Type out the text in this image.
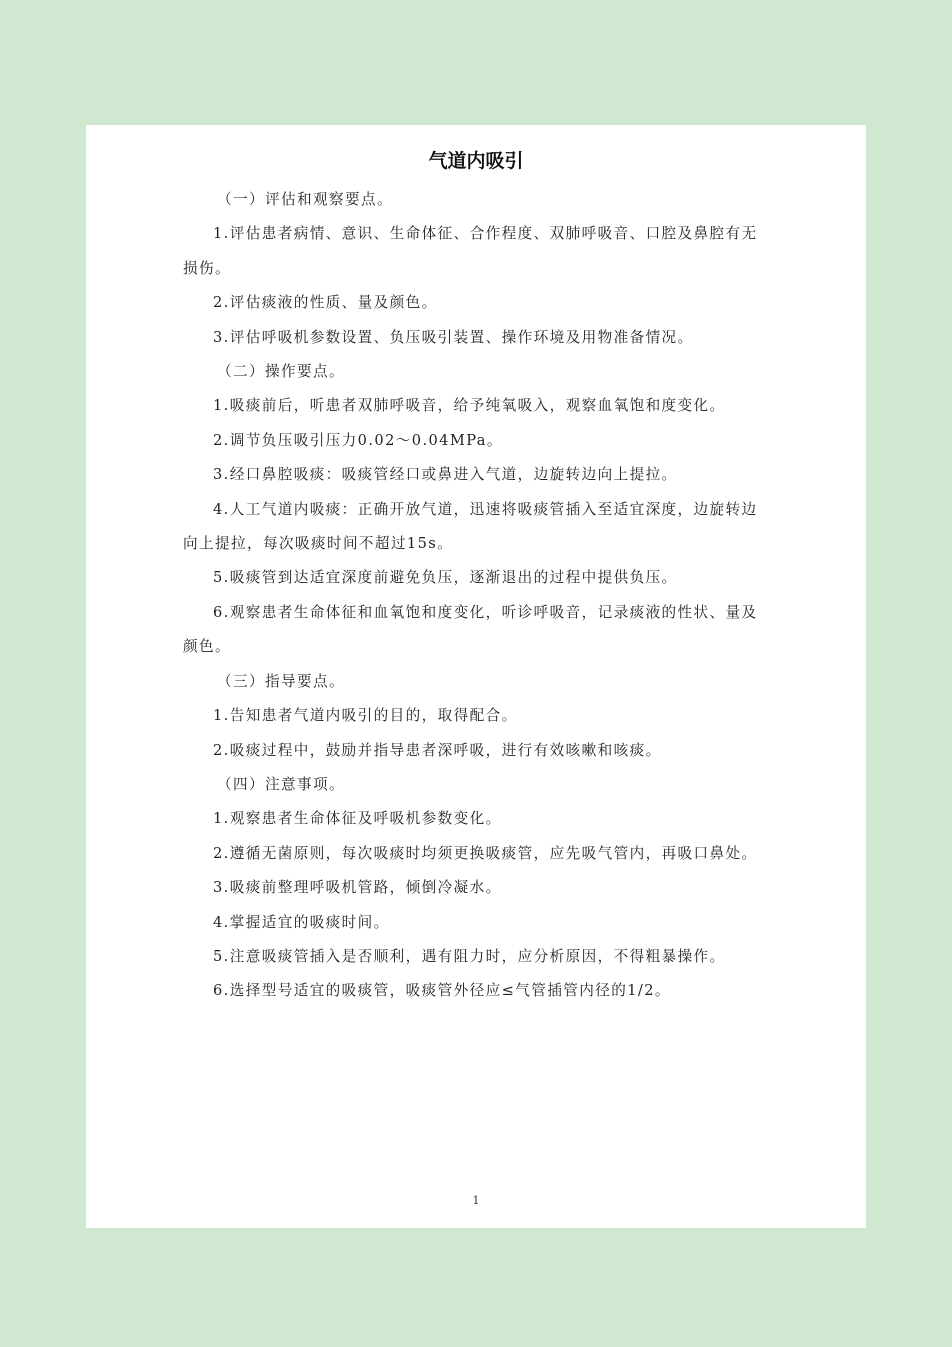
气道内吸引

（一）评估和观察要点。

1.评估患者病情、意识、生命体征、合作程度、双肺呼吸音、口腔及鼻腔有无损伤。

2.评估痰液的性质、量及颜色。

3.评估呼吸机参数设置、负压吸引装置、操作环境及用物准备情况。

（二）操作要点。

1.吸痰前后，听患者双肺呼吸音，给予纯氧吸入，观察血氧饱和度变化。

2.调节负压吸引压力0.02～0.04MPa。

3.经口鼻腔吸痰：吸痰管经口或鼻进入气道，边旋转边向上提拉。

4.人工气道内吸痰：正确开放气道，迅速将吸痰管插入至适宜深度，边旋转边向上提拉，每次吸痰时间不超过15s。

5.吸痰管到达适宜深度前避免负压，逐渐退出的过程中提供负压。

6.观察患者生命体征和血氧饱和度变化，听诊呼吸音，记录痰液的性状、量及颜色。

（三）指导要点。

1.告知患者气道内吸引的目的，取得配合。

2.吸痰过程中，鼓励并指导患者深呼吸，进行有效咳嗽和咳痰。

（四）注意事项。

1.观察患者生命体征及呼吸机参数变化。

2.遵循无菌原则，每次吸痰时均须更换吸痰管，应先吸气管内，再吸口鼻处。

3.吸痰前整理呼吸机管路，倾倒冷凝水。

4.掌握适宜的吸痰时间。

5.注意吸痰管插入是否顺利，遇有阻力时，应分析原因，不得粗暴操作。

6.选择型号适宜的吸痰管，吸痰管外径应≤气管插管内径的1/2。

1
